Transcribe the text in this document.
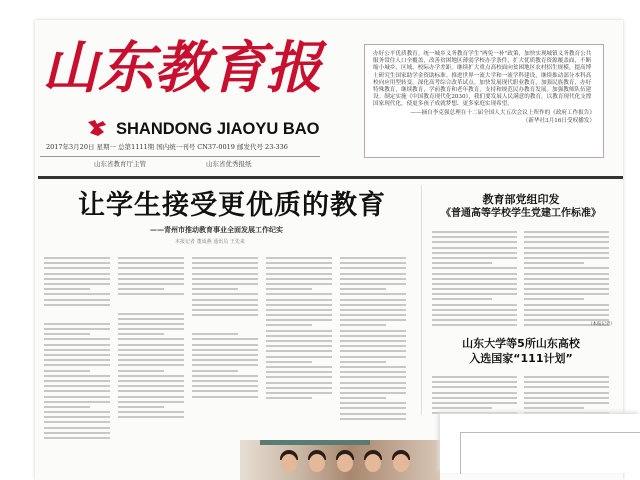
山东教育报
SHANDONG JIAOYU BAO
2017年3月20日 星期一 总第1111期 国内统一刊号 CN37-0019 邮发代号 23-336
山东省教育厅主管	山东省优秀报纸
办好公平优质教育。统一城乡义务教育学生“两免一补”政策，加快实现城镇义务教育公共服务常住人口全覆盖，改善贫困地区薄弱学校办学条件，扩大优质教育资源覆盖面，不断缩小城乡、区域、校际办学差距。继续扩大重点高校面向贫困地区农村招生规模。提高博士研究生国家助学金资助标准。推进世界一流大学和一流学科建设，继续推动部分本科高校向应用型转变。深化高考综合改革试点。加快发展现代职业教育，加强民族教育，办好特殊教育，继续教育，学前教育和老年教育，支持和规范民办教育发展。加强教师队伍建设。制定实施《中国教育现代化2030》，我们要发展人民满意的教育，以教育现代化支撑国家现代化，使更多孩子成就梦想、更多家庭实现希望。
——摘自李克强总理在十二届全国人大五次会议上所作的《政府工作报告》
（新华社3月16日受权播发）
让学生接受更优质的教育
——青州市推动教育事业全面发展工作纪实
本报记者 董成燕 通讯员 王先来
教育部党组印发
《普通高等学校学生党建工作标准》
（本报记者）
山东大学等5所山东高校
入选国家“111计划”
